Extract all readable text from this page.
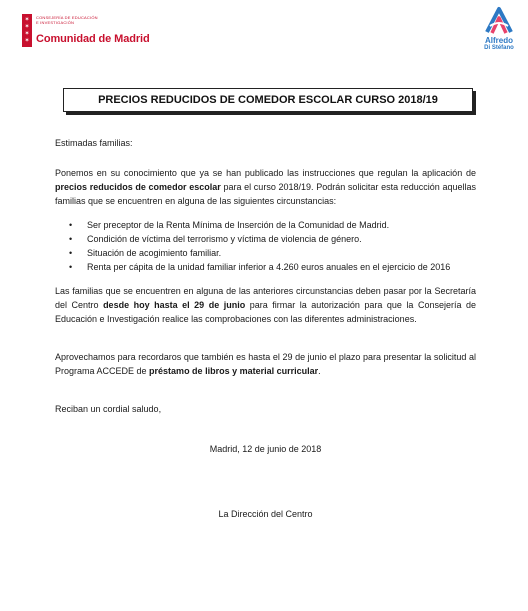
✶
✶
✶
✶
CONSEJERÍA DE EDUCACIÓN
E INVESTIGACIÓN
Comunidad de Madrid	Alfredo
Di Stéfano
PRECIOS REDUCIDOS DE COMEDOR ESCOLAR CURSO 2018/19

Estimadas familias:

Ponemos en su conocimiento que ya se han publicado las instrucciones que regulan la aplicación de precios reducidos de comedor escolar para el curso 2018/19. Podrán solicitar esta reducción aquellas familias que se encuentren en alguna de las siguientes circunstancias:

• Ser preceptor de la Renta Mínima de Inserción de la Comunidad de Madrid.
• Condición de víctima del terrorismo y víctima de violencia de género.
• Situación de acogimiento familiar.
• Renta per cápita de la unidad familiar inferior a 4.260 euros anuales en el ejercicio de 2016

Las familias que se encuentren en alguna de las anteriores circunstancias deben pasar por la Secretaría del Centro desde hoy hasta el 29 de junio para firmar la autorización para que la Consejería de Educación e Investigación realice las comprobaciones con las diferentes administraciones.

Aprovechamos para recordaros que también es hasta el 29 de junio el plazo para presentar la solicitud al Programa ACCEDE de préstamo de libros y material curricular.

Reciban un cordial saludo,

Madrid, 12 de junio de 2018

La Dirección del Centro
